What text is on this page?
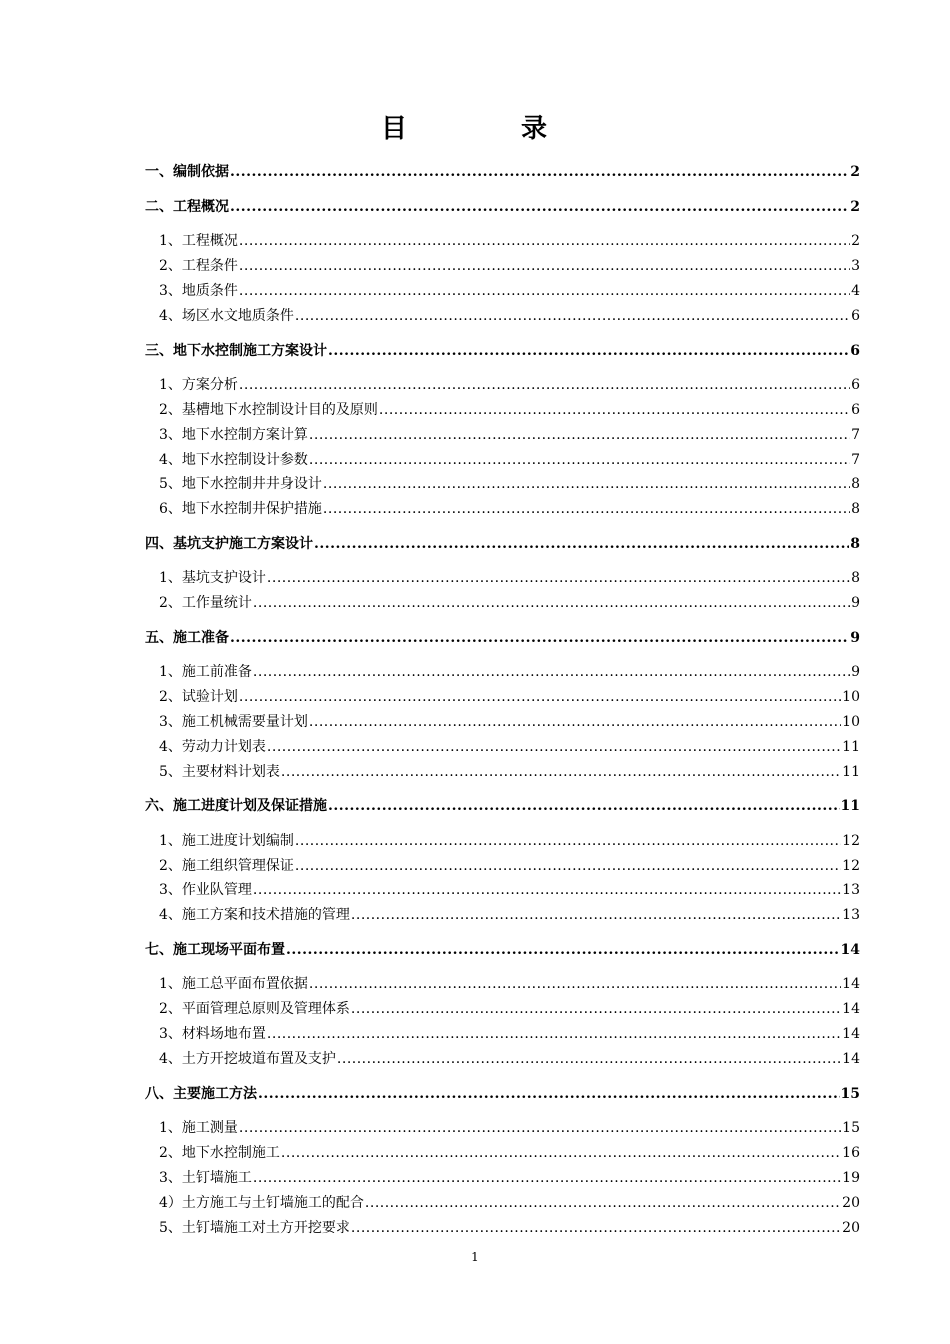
目　录
一、编制依据 .....	2
二、工程概况 .....	2
1、工程概况 .....	2
2、工程条件 .....	3
3、地质条件 .....	4
4、场区水文地质条件 .....	6
三、地下水控制施工方案设计 .....	6
1、方案分析 .....	6
2、基槽地下水控制设计目的及原则 .....	6
3、地下水控制方案计算 .....	7
4、地下水控制设计参数 .....	7
5、地下水控制井井身设计 .....	8
6、地下水控制井保护措施 .....	8
四、基坑支护施工方案设计 .....	8
1、基坑支护设计 .....	8
2、工作量统计 .....	9
五、施工准备 .....	9
1、施工前准备 .....	9
2、试验计划 .....	10
3、施工机械需要量计划 .....	10
4、劳动力计划表 .....	11
5、主要材料计划表 .....	11
六、施工进度计划及保证措施 .....	11
1、施工进度计划编制 .....	12
2、施工组织管理保证 .....	12
3、作业队管理 .....	13
4、施工方案和技术措施的管理 .....	13
七、施工现场平面布置 .....	14
1、施工总平面布置依据 .....	14
2、平面管理总原则及管理体系 .....	14
3、材料场地布置 .....	14
4、土方开挖坡道布置及支护 .....	14
八、主要施工方法 .....	15
1、施工测量 .....	15
2、地下水控制施工 .....	16
3、土钉墙施工 .....	19
4）土方施工与土钉墙施工的配合 .....	20
5、土钉墙施工对土方开挖要求 .....	20
1
